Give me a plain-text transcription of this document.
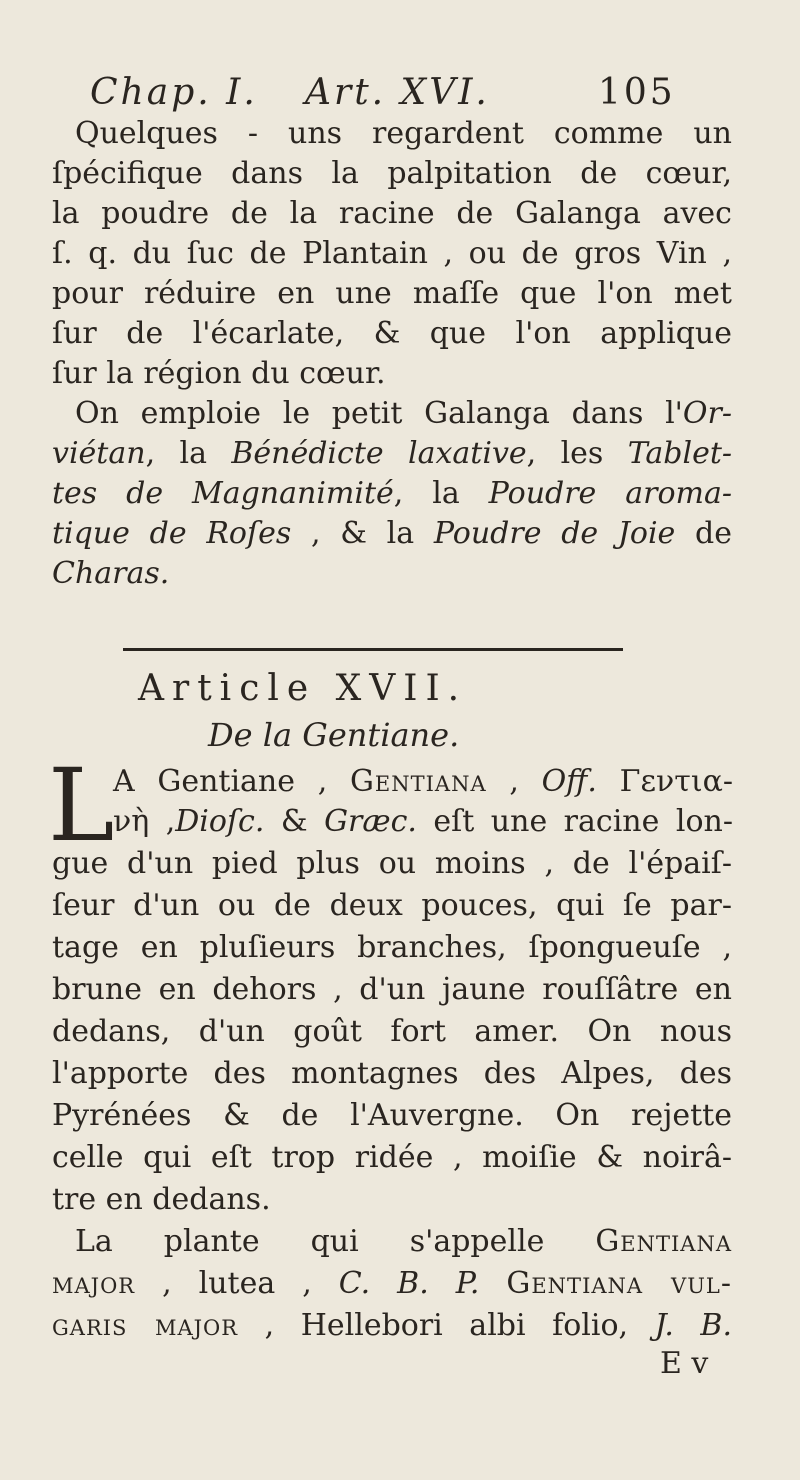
Chap. I. Art. XVI.	105
Quelques - uns regardent comme un
ſpécifique dans la palpitation de cœur,
la poudre de la racine de Galanga avec
ſ. q. du ſuc de Plantain , ou de gros Vin ,
pour réduire en une maſſe que l'on met
ſur de l'écarlate, & que l'on applique
ſur la région du cœur.
On emploie le petit Galanga dans l'Or-
viétan, la Bénédicte laxative, les Tablet-
tes de Magnanimité, la Poudre aroma-
tique de Roſes , & la Poudre de Joie de
Charas.
Article XVII.
De la Gentiane.
L
A Gentiane , Gentiana , Off. Γεντια-
νὴ ,Dioſc. & Græc. eſt une racine lon-
gue d'un pied plus ou moins , de l'épaiſ-
ſeur d'un ou de deux pouces, qui ſe par-
tage en pluſieurs branches, ſpongueuſe ,
brune en dehors , d'un jaune rouſſâtre en
dedans, d'un goût fort amer. On nous
l'apporte des montagnes des Alpes, des
Pyrénées & de l'Auvergne. On rejette
celle qui eſt trop ridée , moiſie & noirâ-
tre en dedans.
La plante qui s'appelle Gentiana
major , lutea , C. B. P. Gentiana vul-
garis major , Hellebori albi folio, J. B.
E v
